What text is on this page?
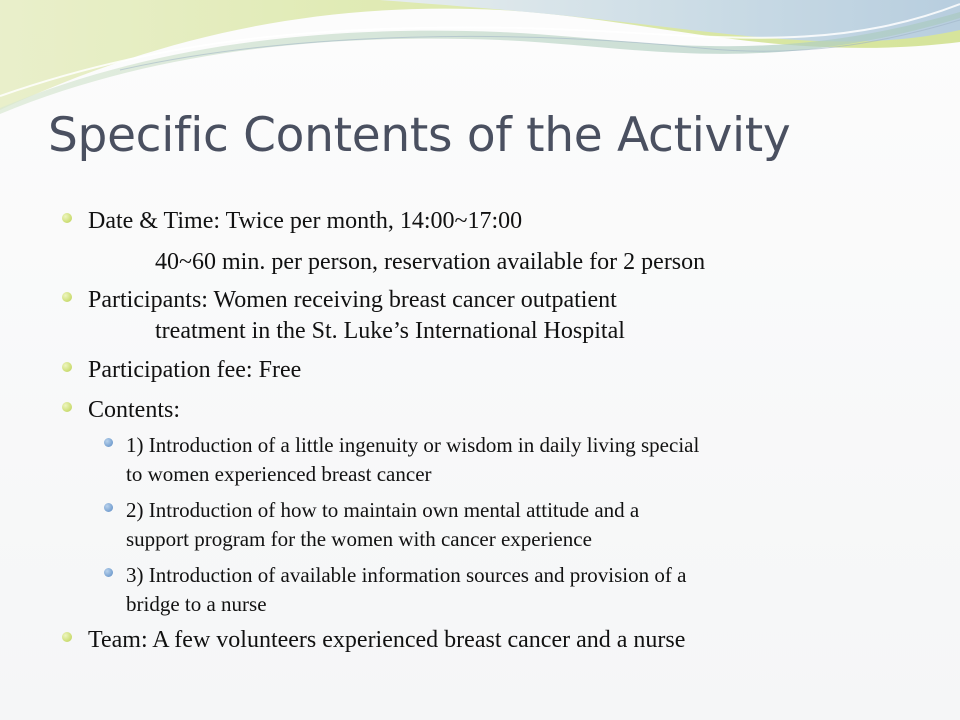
Specific Contents of the Activity
Date & Time: Twice per month, 14:00~17:00
40~60 min. per person, reservation available for 2 person
Participants: Women receiving breast cancer outpatient
treatment in the St. Luke’s International Hospital
Participation fee: Free
Contents:
1) Introduction of a little ingenuity or wisdom in daily living special
to women experienced breast cancer
2) Introduction of how to maintain own mental attitude and a
support program for the women with cancer experience
3) Introduction of available information sources and provision of a
bridge to a nurse
Team: A few volunteers experienced breast cancer and a nurse
